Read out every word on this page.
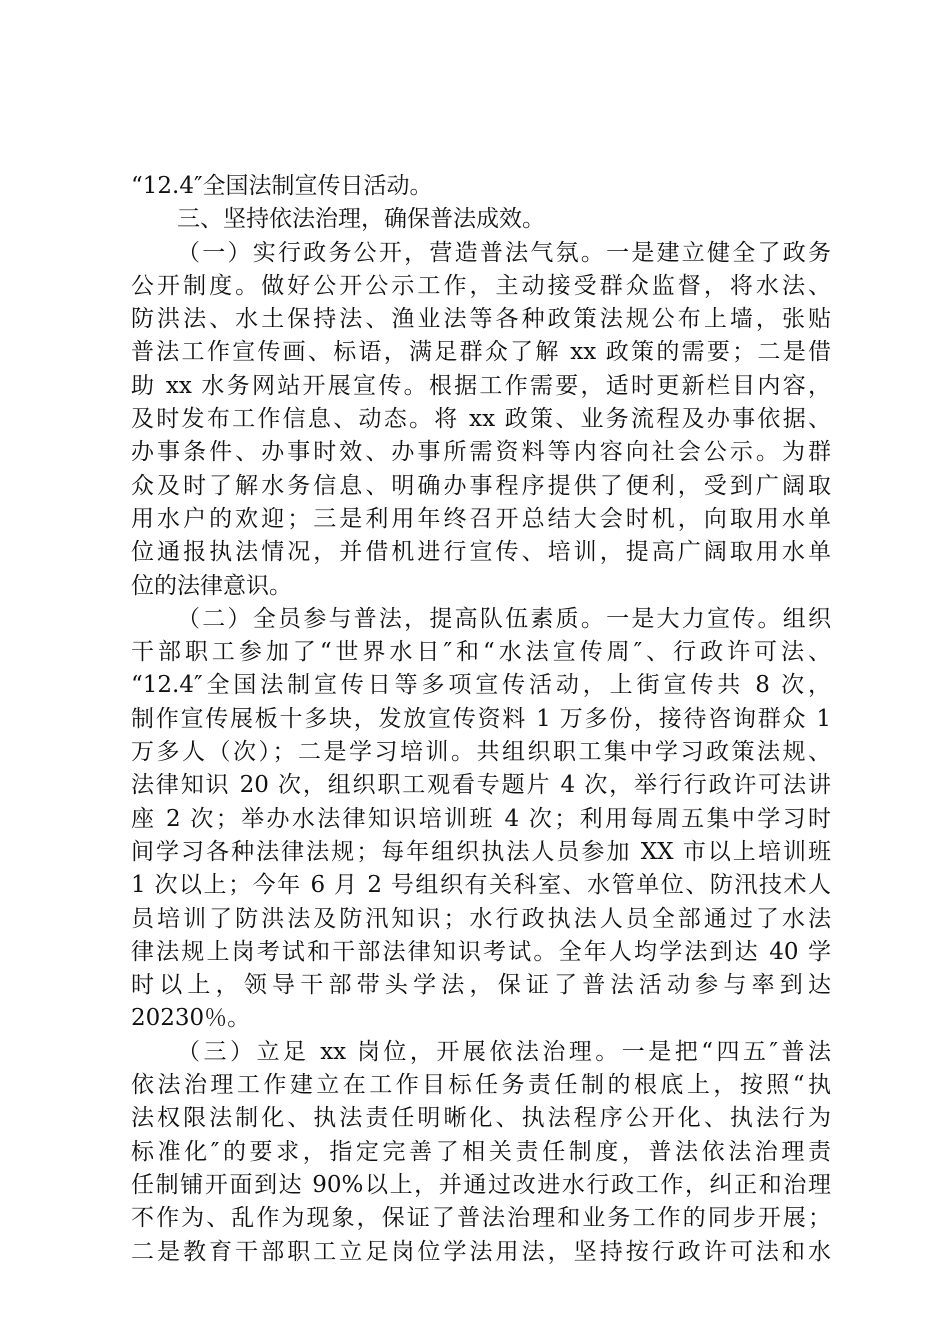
“12.4″全国法制宣传日活动。
三、坚持依法治理，确保普法成效。
（一）实行政务公开，营造普法气氛。一是建立健全了政务
公开制度。做好公开公示工作，主动接受群众监督，将水法、
防洪法、水土保持法、渔业法等各种政策法规公布上墙，张贴
普法工作宣传画、标语，满足群众了解 xx 政策的需要；二是借
助 xx 水务网站开展宣传。根据工作需要，适时更新栏目内容，
及时发布工作信息、动态。将 xx 政策、业务流程及办事依据、
办事条件、办事时效、办事所需资料等内容向社会公示。为群
众及时了解水务信息、明确办事程序提供了便利，受到广阔取
用水户的欢迎；三是利用年终召开总结大会时机，向取用水单
位通报执法情况，并借机进行宣传、培训，提高广阔取用水单
位的法律意识。
（二）全员参与普法，提高队伍素质。一是大力宣传。组织
干部职工参加了“世界水日″和“水法宣传周″、行政许可法、
“12.4″全国法制宣传日等多项宣传活动，上街宣传共 8 次，
制作宣传展板十多块，发放宣传资料 1 万多份，接待咨询群众 1
万多人（次）；二是学习培训。共组织职工集中学习政策法规、
法律知识 20 次，组织职工观看专题片 4 次，举行行政许可法讲
座 2 次；举办水法律知识培训班 4 次；利用每周五集中学习时
间学习各种法律法规；每年组织执法人员参加 XX 市以上培训班
1 次以上；今年 6 月 2 号组织有关科室、水管单位、防汛技术人
员培训了防洪法及防汛知识；水行政执法人员全部通过了水法
律法规上岗考试和干部法律知识考试。全年人均学法到达 40 学
时以上，领导干部带头学法，保证了普法活动参与率到达
20230％。
（三）立足 xx 岗位，开展依法治理。一是把“四五″普法
依法治理工作建立在工作目标任务责任制的根底上，按照“执
法权限法制化、执法责任明晰化、执法程序公开化、执法行为
标准化″的要求，指定完善了相关责任制度，普法依法治理责
任制铺开面到达 90%以上，并通过改进水行政工作，纠正和治理
不作为、乱作为现象，保证了普法治理和业务工作的同步开展；
二是教育干部职工立足岗位学法用法，坚持按行政许可法和水
